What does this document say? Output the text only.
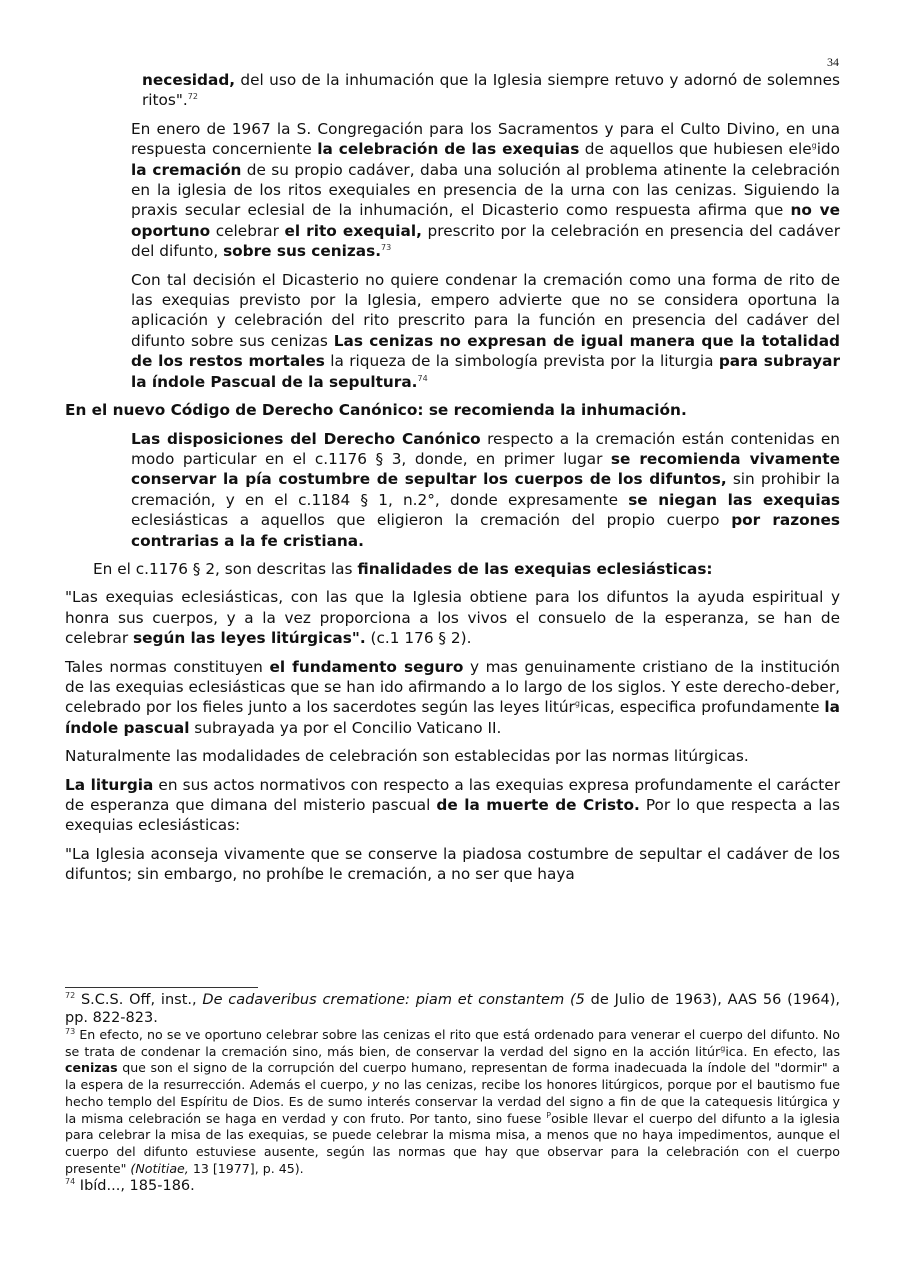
34

necesidad, del uso de la inhumación que la Iglesia siempre retuvo y adornó de solemnes ritos".$^{72}$

En enero de 1967 la S. Congregación para los Sacramentos y para el Culto Divino, en una respuesta concerniente la celebración de las exequias de aquellos que hubiesen ele$^g$ido la cremación de su propio cadáver, daba una solución al problema atinente la celebración en la iglesia de los ritos exequiales en presencia de la urna con las cenizas. Siguiendo la praxis secular eclesial de la inhumación, el Dicasterio como respuesta afirma que no ve oportuno celebrar el rito exequial, prescrito por la celebración en presencia del cadáver del difunto, sobre sus cenizas.$^{73}$

Con tal decisión el Dicasterio no quiere condenar la cremación como una forma de rito de las exequias previsto por la Iglesia, empero advierte que no se considera oportuna la aplicación y celebración del rito prescrito para la función en presencia del cadáver del difunto sobre sus cenizas Las cenizas no expresan de igual manera que la totalidad de los restos mortales la riqueza de la simbología prevista por la liturgia para subrayar la índole Pascual de la sepultura.$^{74}$

En el nuevo Código de Derecho Canónico: se recomienda la inhumación.

Las disposiciones del Derecho Canónico respecto a la cremación están contenidas en modo particular en el c.1176 § 3, donde, en primer lugar se recomienda vivamente conservar la pía costumbre de sepultar los cuerpos de los difuntos, sin prohibir la cremación, y en el c.1184 § 1, n.2°, donde expresamente se niegan las exequias eclesiásticas a aquellos que eligieron la cremación del propio cuerpo por razones contrarias a la fe cristiana.

En el c.1176 § 2, son descritas las finalidades de las exequias eclesiásticas:

"Las exequias eclesiásticas, con las que la Iglesia obtiene para los difuntos la ayuda espiritual y honra sus cuerpos, y a la vez proporciona a los vivos el consuelo de la esperanza, se han de celebrar según las leyes litúrgicas". (c.1 176 § 2).

Tales normas constituyen el fundamento seguro y mas genuinamente cristiano de la institución de las exequias eclesiásticas que se han ido afirmando a lo largo de los siglos. Y este derecho-deber, celebrado por los fieles junto a los sacerdotes según las leyes litúr$^g$icas, especifica profundamente la índole pascual subrayada ya por el Concilio Vaticano II.

Naturalmente las modalidades de celebración son establecidas por las normas litúrgicas.

La liturgia en sus actos normativos con respecto a las exequias expresa profundamente el carácter de esperanza que dimana del misterio pascual de la muerte de Cristo. Por lo que respecta a las exequias eclesiásticas:

"La Iglesia aconseja vivamente que se conserve la piadosa costumbre de sepultar el cadáver de los difuntos; sin embargo, no prohíbe le cremación, a no ser que haya

$^{72}$ S.C.S. Off, inst., De cadaveribus crematione: piam et constantem (5 de Julio de 1963), AAS 56 (1964), pp. 822-823.

$^{73}$ En efecto, no se ve oportuno celebrar sobre las cenizas el rito que está ordenado para venerar el cuerpo del difunto. No se trata de condenar la cremación sino, más bien, de conservar la verdad del signo en la acción litúr$^g$ica. En efecto, las cenizas que son el signo de la corrupción del cuerpo humano, representan de forma inadecuada la índole del "dormir" a la espera de la resurrección. Además el cuerpo, y no las cenizas, recibe los honores litúrgicos, porque por el bautismo fue hecho templo del Espíritu de Dios. Es de sumo interés conservar la verdad del signo a fin de que la catequesis litúrgica y la misma celebración se haga en verdad y con fruto. Por tanto, sino fuese $^P$osible llevar el cuerpo del difunto a la iglesia para celebrar la misa de las exequias, se puede celebrar la misma misa, a menos que no haya impedimentos, aunque el cuerpo del difunto estuviese ausente, según las normas que hay que observar para la celebración con el cuerpo presente" (Notitiae, 13 [1977], p. 45).

$^{74}$ Ibíd..., 185-186.
